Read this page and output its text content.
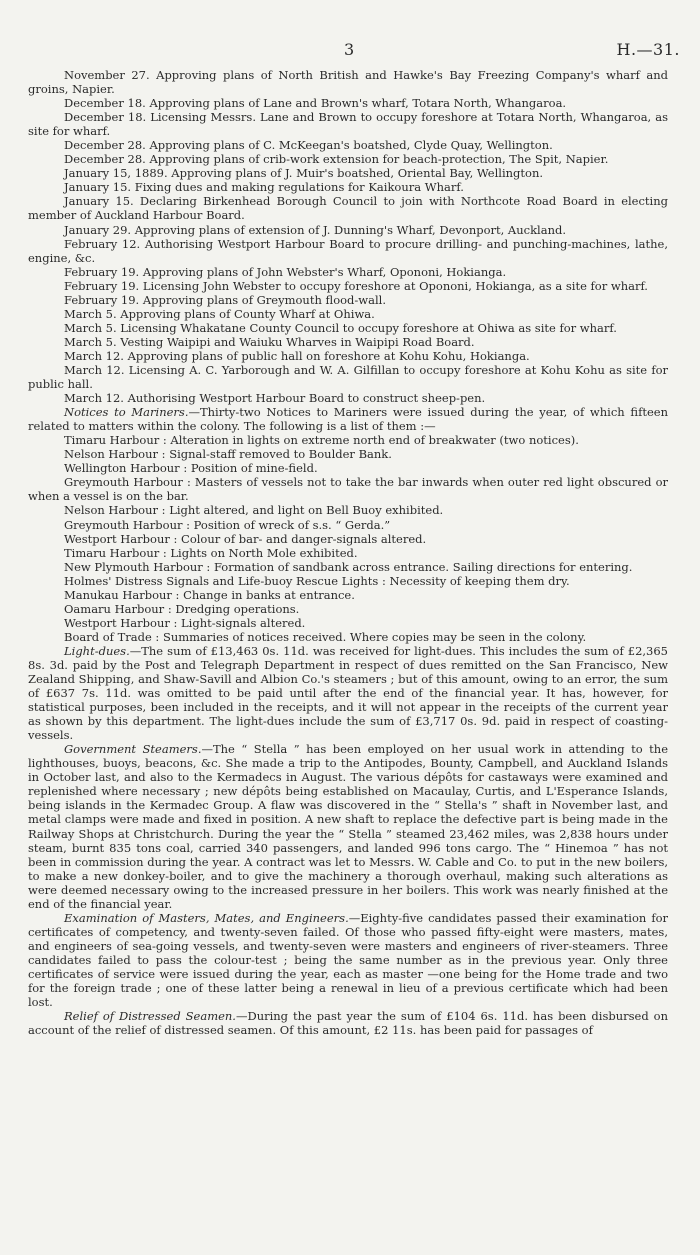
3	H.—31.

November 27. Approving plans of North British and Hawke's Bay Freezing Company's wharf and groins, Napier.

December 18. Approving plans of Lane and Brown's wharf, Totara North, Whangaroa.

December 18. Licensing Messrs. Lane and Brown to occupy foreshore at Totara North, Whangaroa, as site for wharf.

December 28. Approving plans of C. McKeegan's boatshed, Clyde Quay, Wellington.

December 28. Approving plans of crib-work extension for beach-protection, The Spit, Napier.

January 15, 1889. Approving plans of J. Muir's boatshed, Oriental Bay, Wellington.

January 15. Fixing dues and making regulations for Kaikoura Wharf.

January 15. Declaring Birkenhead Borough Council to join with Northcote Road Board in electing member of Auckland Harbour Board.

January 29. Approving plans of extension of J. Dunning's Wharf, Devonport, Auckland.

February 12. Authorising Westport Harbour Board to procure drilling- and punching-machines, lathe, engine, &c.

February 19. Approving plans of John Webster's Wharf, Opononi, Hokianga.

February 19. Licensing John Webster to occupy foreshore at Opononi, Hokianga, as a site for wharf.

February 19. Approving plans of Greymouth flood-wall.

March 5. Approving plans of County Wharf at Ohiwa.

March 5. Licensing Whakatane County Council to occupy foreshore at Ohiwa as site for wharf.

March 5. Vesting Waipipi and Waiuku Wharves in Waipipi Road Board.

March 12. Approving plans of public hall on foreshore at Kohu Kohu, Hokianga.

March 12. Licensing A. C. Yarborough and W. A. Gilfillan to occupy foreshore at Kohu Kohu as site for public hall.

March 12. Authorising Westport Harbour Board to construct sheep-pen.

Notices to Mariners.—Thirty-two Notices to Mariners were issued during the year, of which fifteen related to matters within the colony. The following is a list of them :—

Timaru Harbour : Alteration in lights on extreme north end of breakwater (two notices).

Nelson Harbour : Signal-staff removed to Boulder Bank.

Wellington Harbour : Position of mine-field.

Greymouth Harbour : Masters of vessels not to take the bar inwards when outer red light obscured or when a vessel is on the bar.

Nelson Harbour : Light altered, and light on Bell Buoy exhibited.

Greymouth Harbour : Position of wreck of s.s. “ Gerda.”

Westport Harbour : Colour of bar- and danger-signals altered.

Timaru Harbour : Lights on North Mole exhibited.

New Plymouth Harbour : Formation of sandbank across entrance. Sailing directions for entering.

Holmes' Distress Signals and Life-buoy Rescue Lights : Necessity of keeping them dry.

Manukau Harbour : Change in banks at entrance.

Oamaru Harbour : Dredging operations.

Westport Harbour : Light-signals altered.

Board of Trade : Summaries of notices received. Where copies may be seen in the colony.

Light-dues.—The sum of £13,463 0s. 11d. was received for light-dues. This includes the sum of £2,365 8s. 3d. paid by the Post and Telegraph Department in respect of dues remitted on the San Francisco, New Zealand Shipping, and Shaw-Savill and Albion Co.'s steamers ; but of this amount, owing to an error, the sum of £637 7s. 11d. was omitted to be paid until after the end of the financial year. It has, however, for statistical purposes, been included in the receipts, and it will not appear in the receipts of the current year as shown by this department. The light-dues include the sum of £3,717 0s. 9d. paid in respect of coasting-vessels.

Government Steamers.—The “ Stella ” has been employed on her usual work in attending to the lighthouses, buoys, beacons, &c. She made a trip to the Antipodes, Bounty, Campbell, and Auckland Islands in October last, and also to the Kermadecs in August. The various dépôts for castaways were examined and replenished where necessary ; new dépôts being established on Macaulay, Curtis, and L'Esperance Islands, being islands in the Kermadec Group. A flaw was discovered in the “ Stella's ” shaft in November last, and metal clamps were made and fixed in position. A new shaft to replace the defective part is being made in the Railway Shops at Christchurch. During the year the “ Stella ” steamed 23,462 miles, was 2,838 hours under steam, burnt 835 tons coal, carried 340 passengers, and landed 996 tons cargo. The “ Hinemoa ” has not been in commission during the year. A contract was let to Messrs. W. Cable and Co. to put in the new boilers, to make a new donkey-boiler, and to give the machinery a thorough overhaul, making such alterations as were deemed necessary owing to the increased pressure in her boilers. This work was nearly finished at the end of the financial year.

Examination of Masters, Mates, and Engineers.—Eighty-five candidates passed their examination for certificates of competency, and twenty-seven failed. Of those who passed fifty-eight were masters, mates, and engineers of sea-going vessels, and twenty-seven were masters and engineers of river-steamers. Three candidates failed to pass the colour-test ; being the same number as in the previous year. Only three certificates of service were issued during the year, each as master —one being for the Home trade and two for the foreign trade ; one of these latter being a renewal in lieu of a previous certificate which had been lost.

Relief of Distressed Seamen.—During the past year the sum of £104 6s. 11d. has been disbursed on account of the relief of distressed seamen. Of this amount, £2 11s. has been paid for passages of
